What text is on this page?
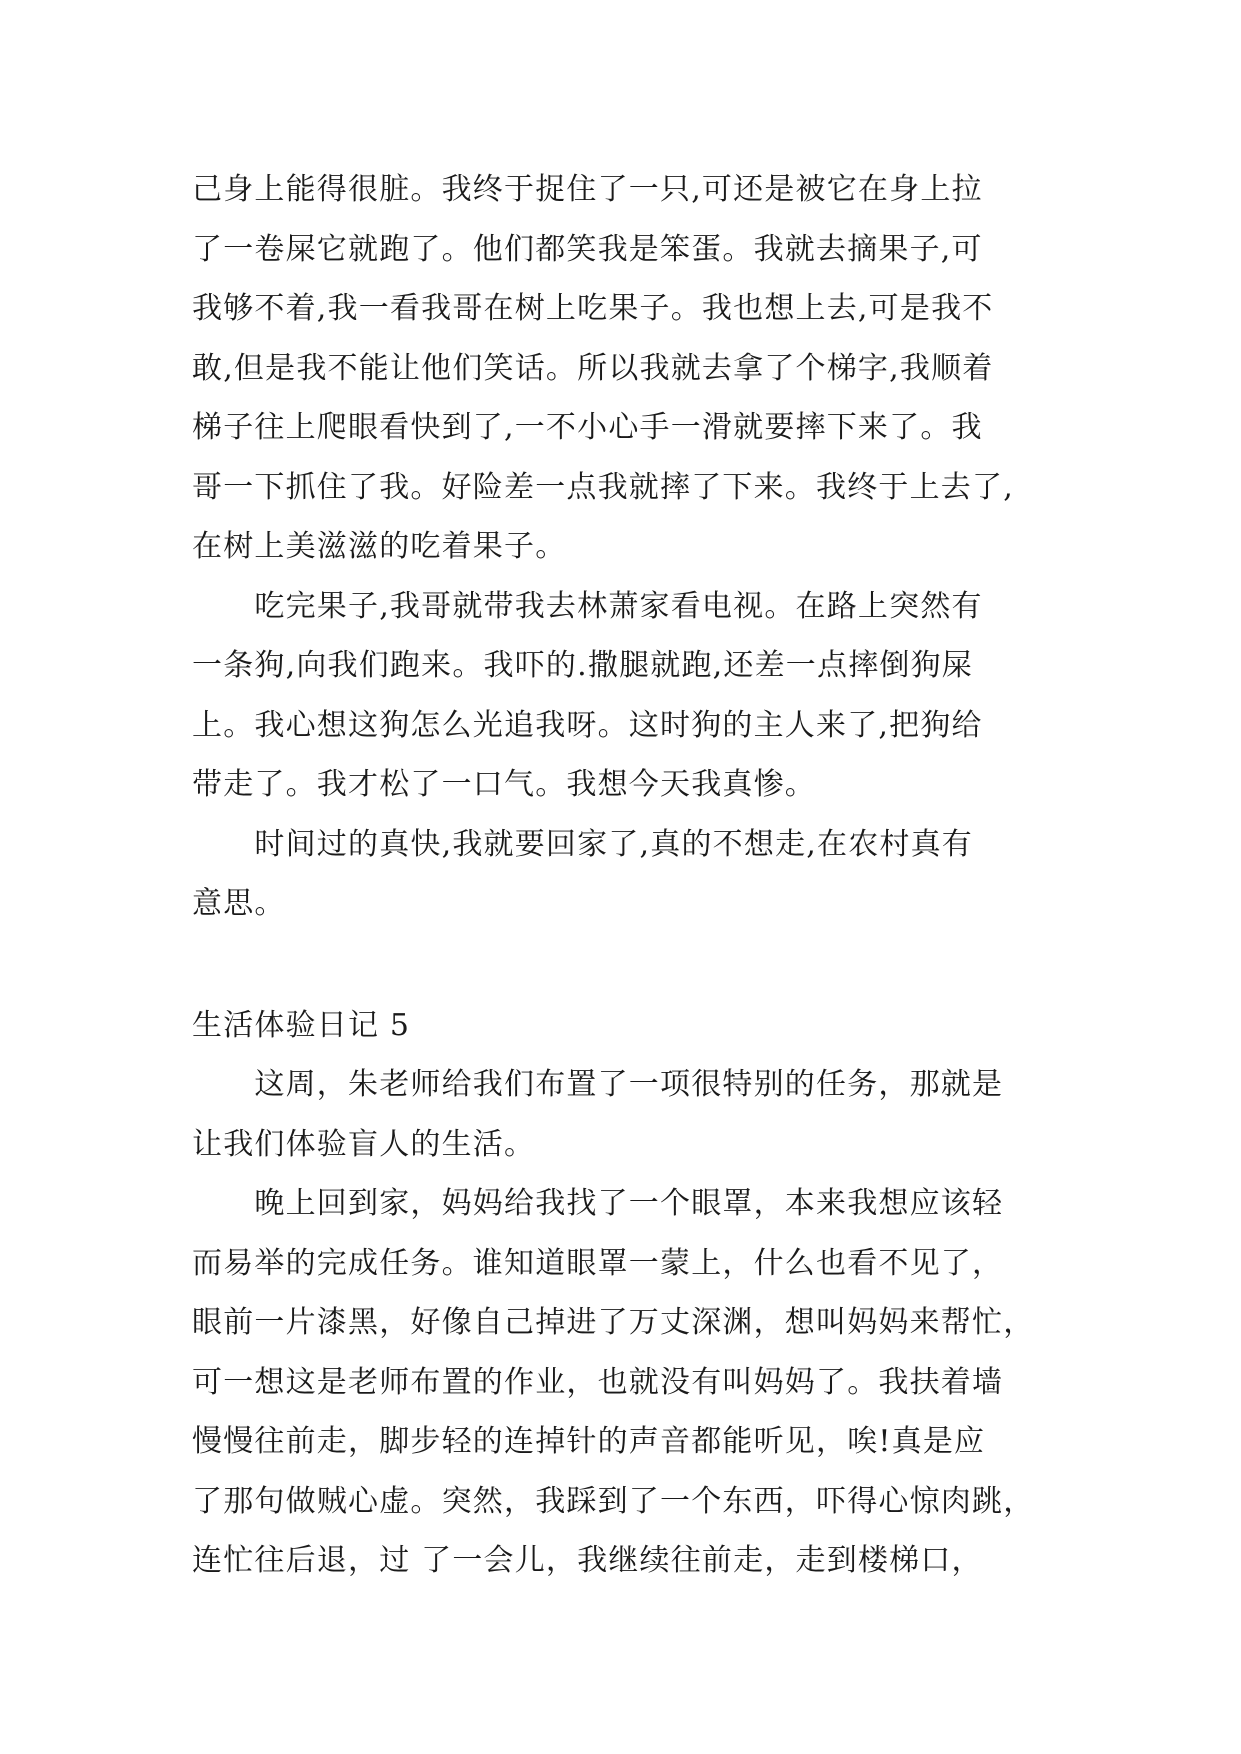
己身上能得很脏。我终于捉住了一只,可还是被它在身上拉
了一卷屎它就跑了。他们都笑我是笨蛋。我就去摘果子,可
我够不着,我一看我哥在树上吃果子。我也想上去,可是我不
敢,但是我不能让他们笑话。所以我就去拿了个梯字,我顺着
梯子往上爬眼看快到了,一不小心手一滑就要摔下来了。我
哥一下抓住了我。好险差一点我就摔了下来。我终于上去了,
在树上美滋滋的吃着果子。
　　吃完果子,我哥就带我去林萧家看电视。在路上突然有
一条狗,向我们跑来。我吓的.撒腿就跑,还差一点摔倒狗屎
上。我心想这狗怎么光追我呀。这时狗的主人来了,把狗给
带走了。我才松了一口气。我想今天我真惨。
　　时间过的真快,我就要回家了,真的不想走,在农村真有
意思。
生活体验日记 5
　　这周，朱老师给我们布置了一项很特别的任务，那就是
让我们体验盲人的生活。
　　晚上回到家，妈妈给我找了一个眼罩，本来我想应该轻
而易举的完成任务。谁知道眼罩一蒙上，什么也看不见了，
眼前一片漆黑，好像自己掉进了万丈深渊，想叫妈妈来帮忙，
可一想这是老师布置的作业，也就没有叫妈妈了。我扶着墙
慢慢往前走，脚步轻的连掉针的声音都能听见，唉!真是应
了那句做贼心虚。突然，我踩到了一个东西，吓得心惊肉跳，
连忙往后退，过 了一会儿，我继续往前走，走到楼梯口，
